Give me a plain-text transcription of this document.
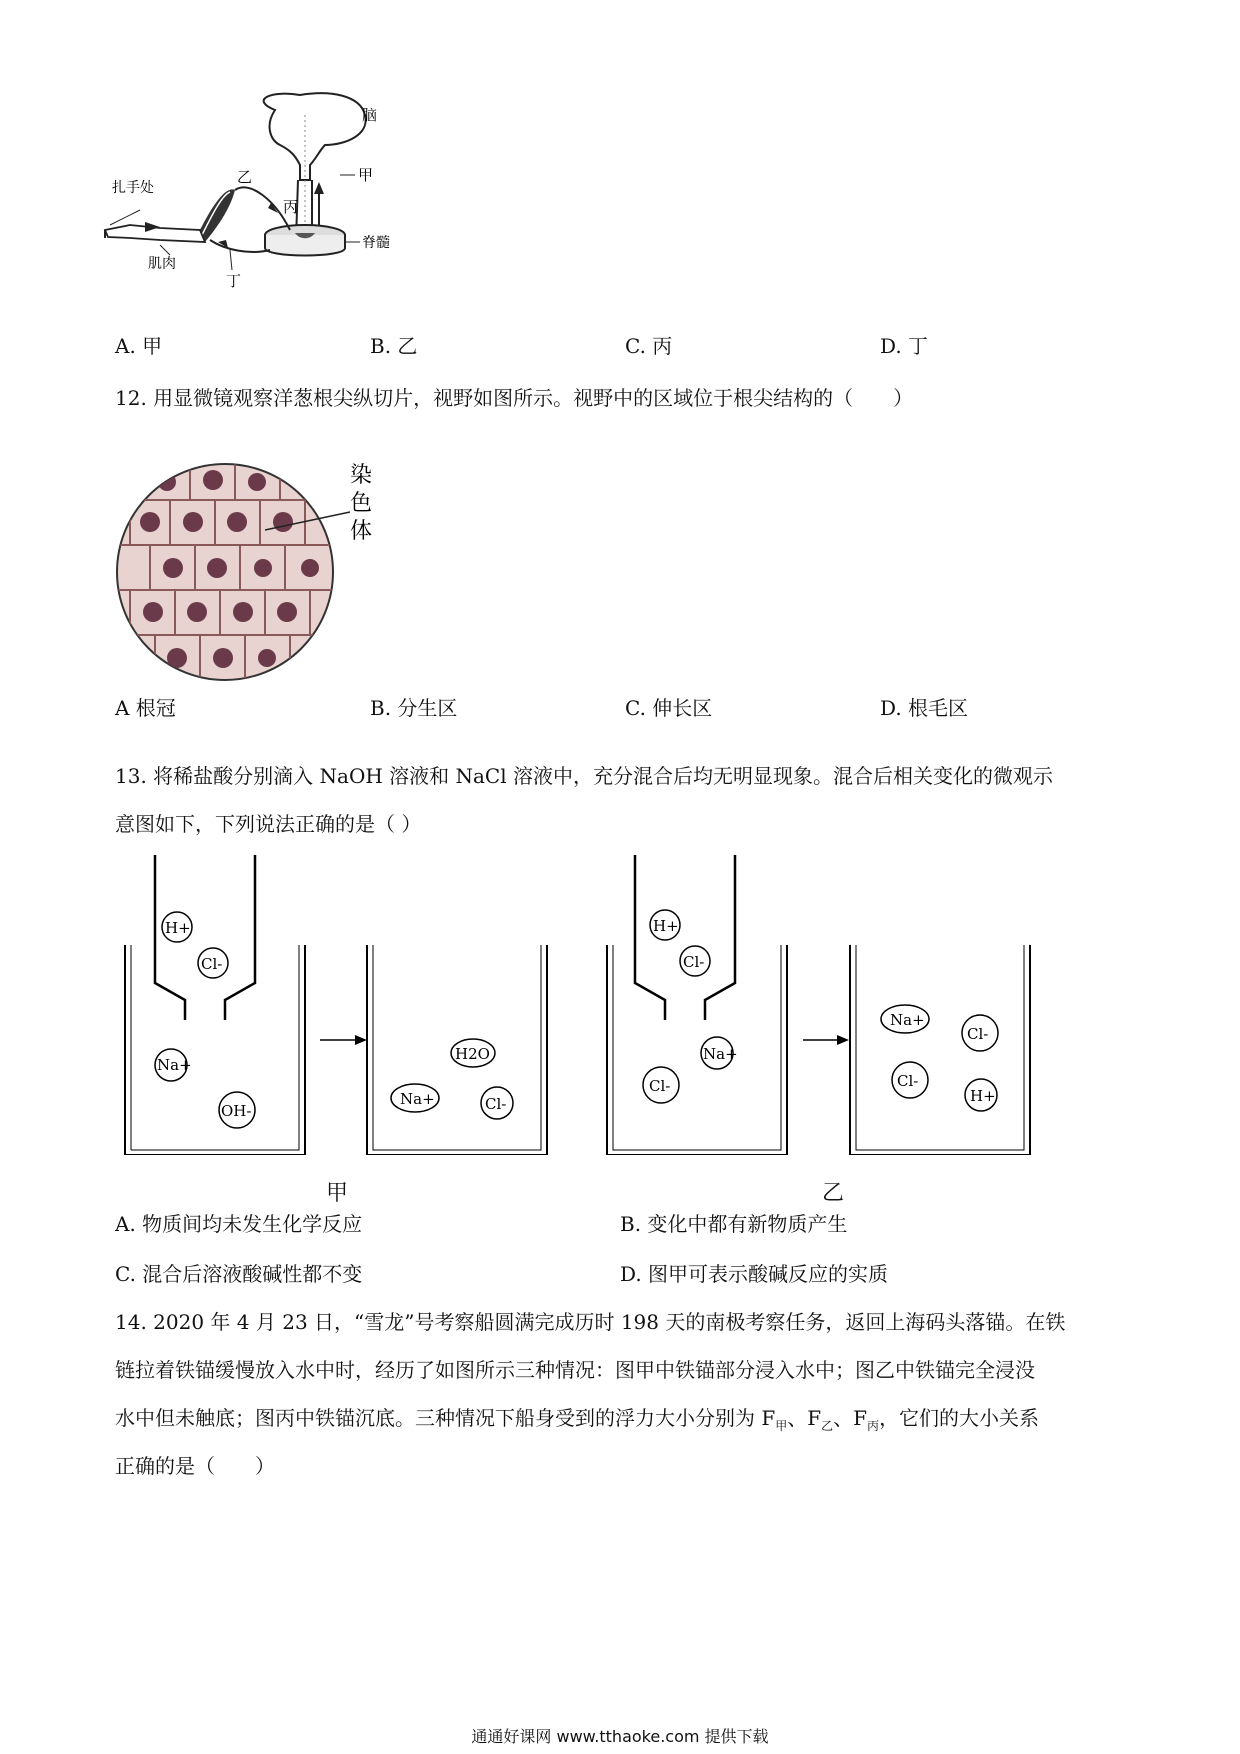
脑
甲
乙
丙
脊髓
扎手处
肌肉
丁
A. 甲	B. 乙	C. 丙	D. 丁
12. 用显微镜观察洋葱根尖纵切片，视野如图所示。视野中的区域位于根尖结构的（　　）
染
色
体
A 根冠	B. 分生区	C. 伸长区	D. 根毛区
13. 将稀盐酸分别滴入 NaOH 溶液和 NaCl 溶液中，充分混合后均无明显现象。混合后相关变化的微观示
意图如下，下列说法正确的是（ ）
H+
Cl-
Na+
OH-
H2O
Na+	Cl-
H+
Cl-
Na+
Cl-
Na+
Cl-
Cl-
H+
甲	乙
A. 物质间均未发生化学反应	B. 变化中都有新物质产生
C. 混合后溶液酸碱性都不变	D. 图甲可表示酸碱反应的实质
14. 2020 年 4 月 23 日，“雪龙”号考察船圆满完成历时 198 天的南极考察任务，返回上海码头落锚。在铁
链拉着铁锚缓慢放入水中时，经历了如图所示三种情况：图甲中铁锚部分浸入水中；图乙中铁锚完全浸没
水中但未触底；图丙中铁锚沉底。三种情况下船身受到的浮力大小分别为 $F_甲$、$F_乙$、$F_丙$，它们的大小关系
正确的是（　　）
通通好课网 www.tthaoke.com 提供下载
